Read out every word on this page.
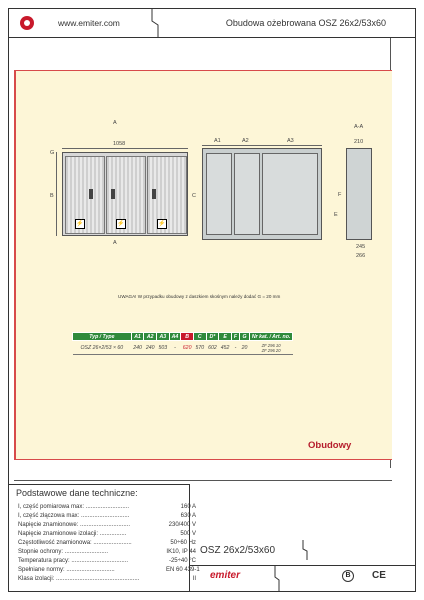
www.emiter.com	Obudowa ożebrowana OSZ 26x2/53x60
A
1058
G
B
A
⚡	⚡	⚡
A1	A2	A3
C
A-A
210
E
F
245
266
UWAGA! W przypadku obudowy z daszkiem skośnym należy dodać G = 20 mm
Typ / Type	A1	A2	A3	A4	B	C	D*	E	F	G	Nr kat. / Art. no.
OSZ 26×2/53 × 60	240	240	503	-	620	570	602	452	-	20	ZF 296 10
ZF 296 20
Obudowy
Podstawowe dane techniczne:
I, część pomiarowa max: ..........................	160 A
I, część złączowa max: .............................	630 A
Napięcie znamionowe: ..............................	230/400 V
Napięcie znamionowe izolacji: ................	500 V
Częstotliwość znamionowa: .......................	50÷60 Hz
Stopnie ochrony: ..........................	IK10, IP 44
Temperatura pracy: ..................................	-25÷40 °C
Spełniane normy: .............................	EN 60 439-1
Klasa izolacji: ..................................................	II
OSZ 26x2/53x60
emiter	B	CE
